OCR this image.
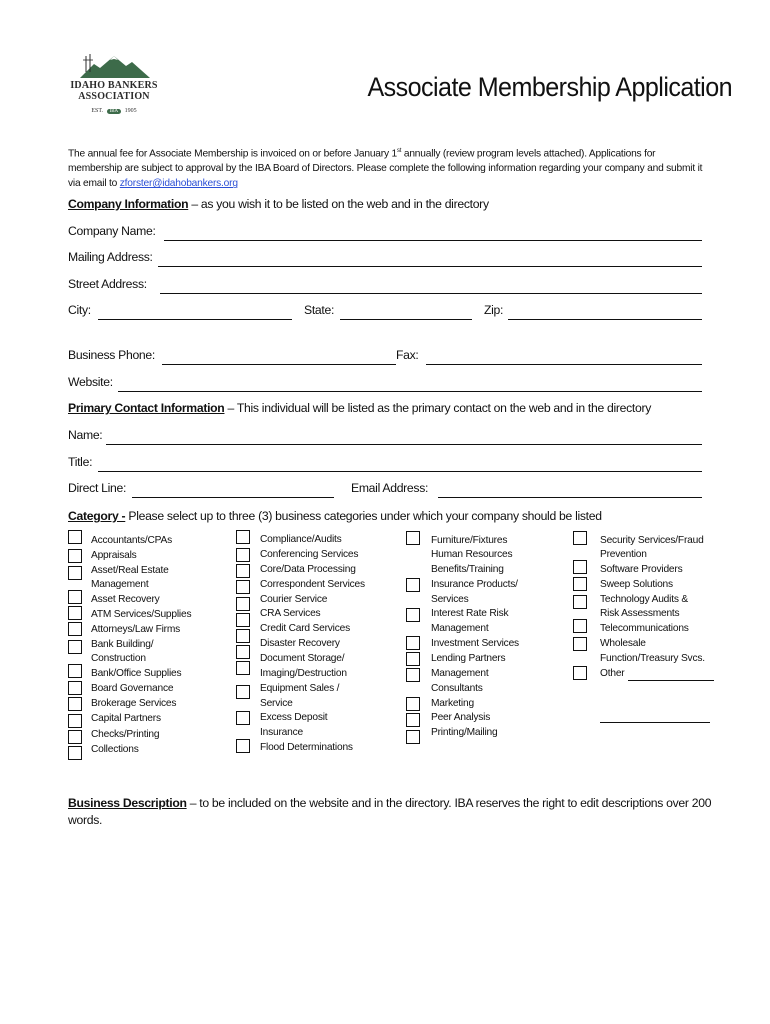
IDAHO BANKERS
ASSOCIATION
EST. IBA 1905
Associate Membership Application
The annual fee for Associate Membership is invoiced on or before January 1st annually (review program levels attached). Applications for membership are subject to approval by the IBA Board of Directors. Please complete the following information regarding your company and submit it via email to zforster@idahobankers.org
Company Information – as you wish it to be listed on the web and in the directory
Company Name:
Mailing Address:
Street Address:
City:	State:	Zip:
Business Phone:	Fax:
Website:
Primary Contact Information – This individual will be listed as the primary contact on the web and in the directory
Name:
Title:
Direct Line:	Email Address:
Category - Please select up to three (3) business categories under which your company should be listed
Accountants/CPAs
Appraisals
Asset/Real Estate
Management
Asset Recovery
ATM Services/Supplies
Attorneys/Law Firms
Bank Building/
Construction
Bank/Office Supplies
Board Governance
Brokerage Services
Capital Partners
Checks/Printing
Collections
Compliance/Audits
Conferencing Services
Core/Data Processing
Correspondent Services
Courier Service
CRA Services
Credit Card Services
Disaster Recovery
Document Storage/
Imaging/Destruction
Equipment Sales /
Service
Excess Deposit
Insurance
Flood Determinations
Furniture/Fixtures
Human Resources
Benefits/Training
Insurance Products/
Services
Interest Rate Risk
Management
Investment Services
Lending Partners
Management
Consultants
Marketing
Peer Analysis
Printing/Mailing
Security Services/Fraud
Prevention
Software Providers
Sweep Solutions
Technology Audits &
Risk Assessments
Telecommunications
Wholesale
Function/Treasury Svcs.
Other
Business Description – to be included on the website and in the directory. IBA reserves the right to edit descriptions over 200 words.
